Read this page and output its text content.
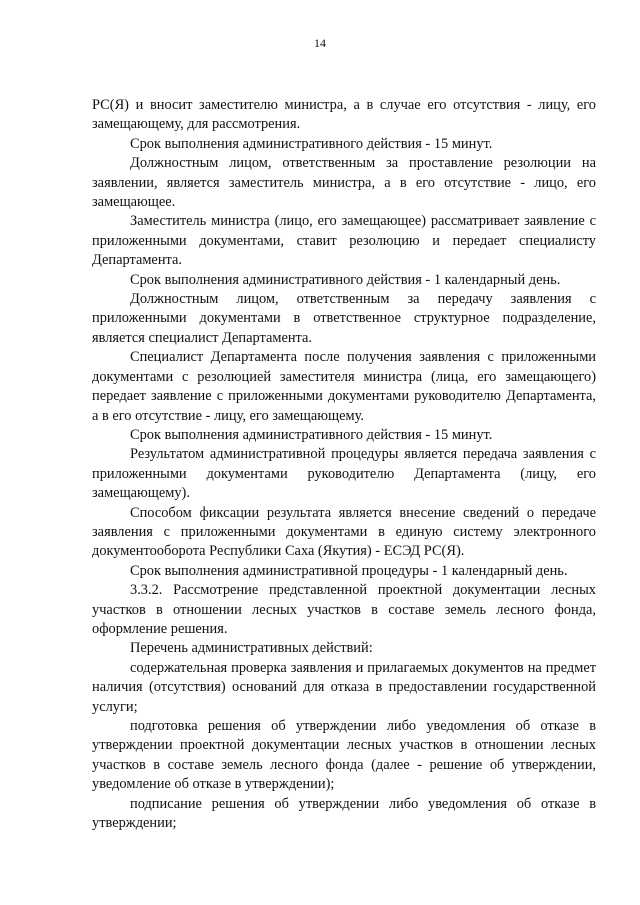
14

РС(Я) и вносит заместителю министра, а в случае его отсутствия - лицу, его замещающему, для рассмотрения.

Срок выполнения административного действия - 15 минут.

Должностным лицом, ответственным за проставление резолюции на заявлении, является заместитель министра, а в его отсутствие - лицо, его замещающее.

Заместитель министра (лицо, его замещающее) рассматривает заявление с приложенными документами, ставит резолюцию и передает специалисту Департамента.

Срок выполнения административного действия - 1 календарный день.

Должностным лицом, ответственным за передачу заявления с приложенными документами в ответственное структурное подразделение, является специалист Департамента.

Специалист Департамента после получения заявления с приложенными документами с резолюцией заместителя министра (лица, его замещающего) передает заявление с приложенными документами руководителю Департамента, а в его отсутствие - лицу, его замещающему.

Срок выполнения административного действия - 15 минут.

Результатом административной процедуры является передача заявления с приложенными документами руководителю Департамента (лицу, его замещающему).

Способом фиксации результата является внесение сведений о передаче заявления с приложенными документами в единую систему электронного документооборота Республики Саха (Якутия) - ЕСЭД РС(Я).

Срок выполнения административной процедуры - 1 календарный день.

3.3.2. Рассмотрение представленной проектной документации лесных участков в отношении лесных участков в составе земель лесного фонда, оформление решения.

Перечень административных действий:

содержательная проверка заявления и прилагаемых документов на предмет наличия (отсутствия) оснований для отказа в предоставлении государственной услуги;

подготовка решения об утверждении либо уведомления об отказе в утверждении проектной документации лесных участков в отношении лесных участков в составе земель лесного фонда (далее - решение об утверждении, уведомление об отказе в утверждении);

подписание решения об утверждении либо уведомления об отказе в утверждении;
